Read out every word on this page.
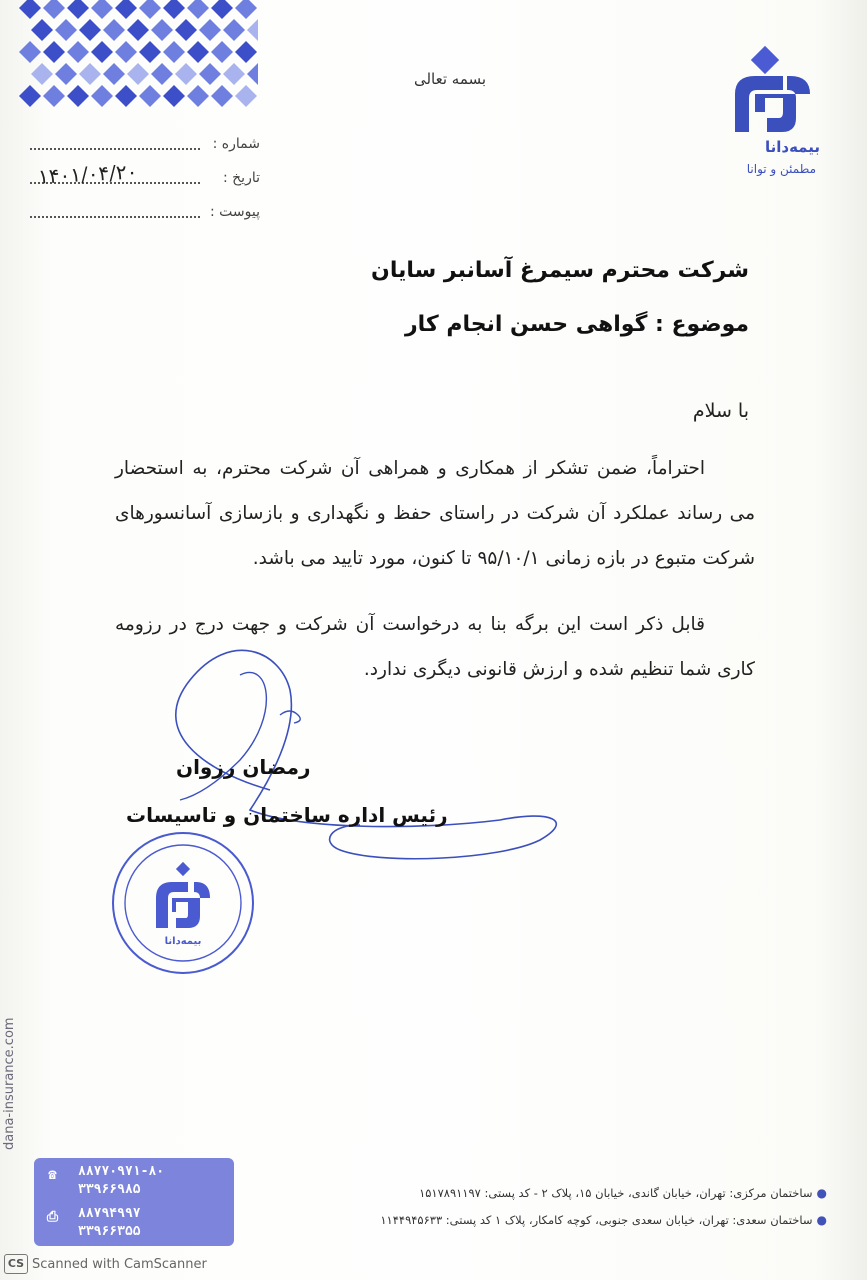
بسمه تعالی
بیمه‌دانا
مطمئن و توانا
شماره :
تاریخ :
۱۴۰۱/۰۴/۲۰
پیوست :
شرکت محترم سیمرغ آسانبر سایان
موضوع : گواهی حسن انجام کار
با سلام
احتراماً، ضمن تشکر از همکاری و همراهی آن شرکت محترم، به استحضار می رساند عملکرد آن شرکت در راستای حفظ و نگهداری و بازسازی آسانسورهای شرکت متبوع در بازه زمانی ۹۵/۱۰/۱ تا کنون، مورد تایید می باشد.
قابل ذکر است این برگه بنا به درخواست آن شرکت و جهت درج در رزومه کاری شما تنظیم شده و ارزش قانونی دیگری ندارد.
رمضان رزوان
رئیس اداره ساختمان و تاسیسات
بیمه‌دانا
dana-insurance.com
☎	۸۸۷۷۰۹۷۱-۸۰
۳۳۹۶۶۹۸۵
⎙ ۸۸۷۹۴۹۹۷
۳۳۹۶۶۳۵۵
●ساختمان مرکزی: تهران، خیابان گاندی، خیابان ۱۵، پلاک ۲ - کد پستی: ۱۵۱۷۸۹۱۱۹۷
●ساختمان سعدی: تهران، خیابان سعدی جنوبی، کوچه کامکار، پلاک ۱ کد پستی: ۱۱۴۴۹۴۵۶۳۳
CS Scanned with CamScanner
